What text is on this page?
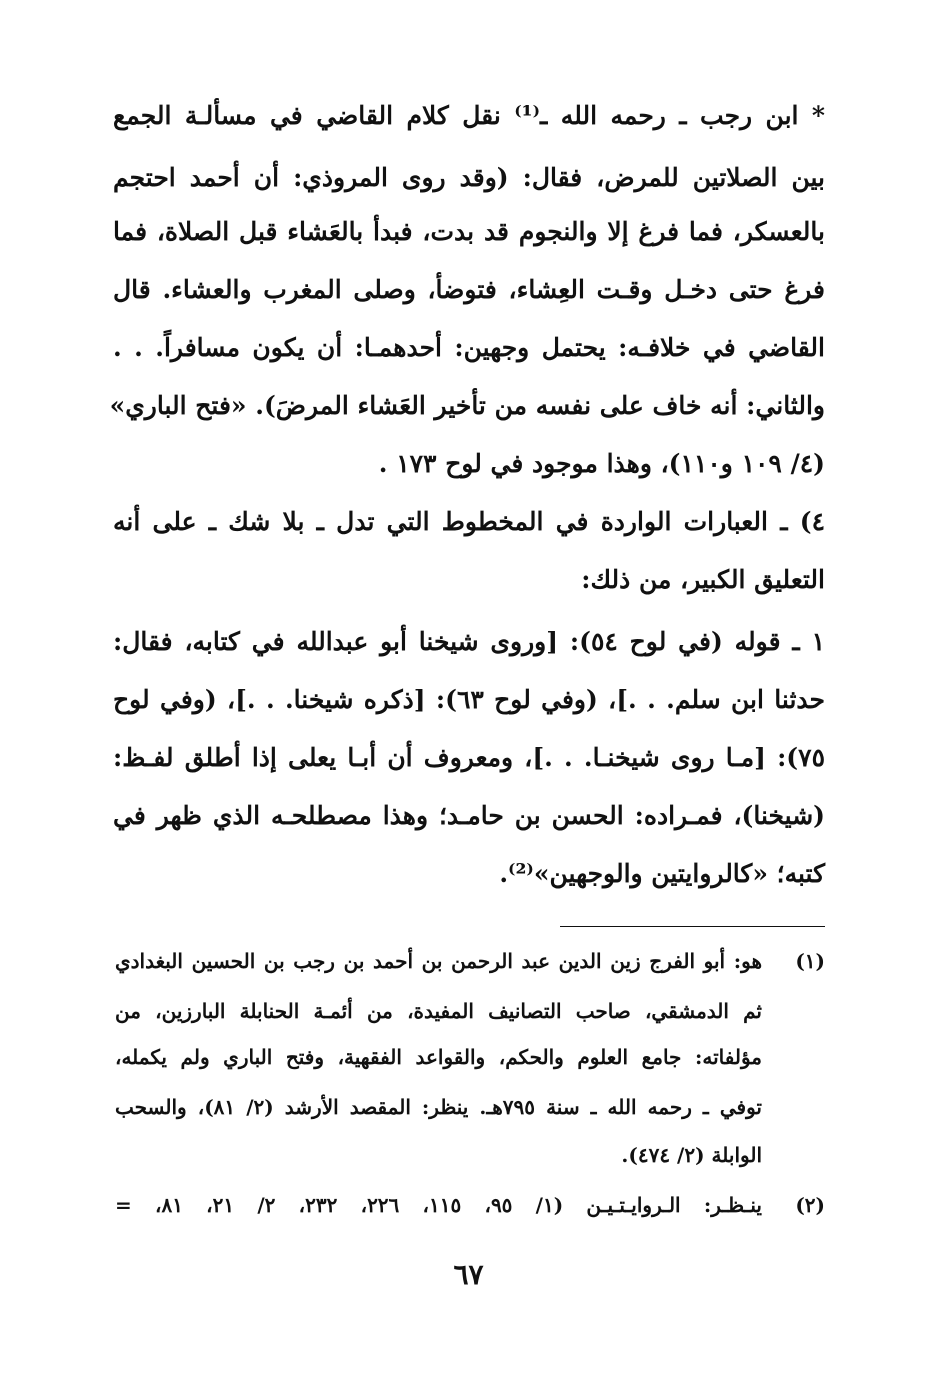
* ابن رجب ـ رحمه الله ـ⁽¹⁾ نقل كلام القاضي في مسألـة الجمع
بين الصلاتين للمرض، فقال: (وقد روى المروذي: أن أحمد احتجم
بالعسكر، فما فرغ إلا والنجوم قد بدت، فبدأ بالعَشاء قبل الصلاة، فما
فرغ حتى دخـل وقـت العِشاء، فتوضأ، وصلى المغرب والعشاء. قال
القاضي في خلافـه: يحتمل وجهين: أحدهمـا: أن يكون مسافراً. . .
والثاني: أنه خاف على نفسه من تأخير العَشاء المرضَ). «فتح الباري»
(٤/ ١٠٩ و١١٠)، وهذا موجود في لوح ١٧٣ .
٤) ـ العبارات الواردة في المخطوط التي تدل ـ بلا شك ـ على أنه
التعليق الكبير، من ذلك:
١ ـ قوله (في لوح ٥٤): [وروى شيخنا أبو عبدالله في كتابه، فقال:
حدثنا ابن سلم. . .]، (وفي لوح ٦٣): [ذكره شيخنا. . .]، (وفي لوح
٧٥): [مـا روى شيخنـا. . .]، ومعروف أن أبـا يعلى إذا أطلق لفـظ:
(شيخنا)، فمـراده: الحسن بن حامـد؛ وهذا مصطلحـه الذي ظهر في
كتبه؛ «كالروايتين والوجهين»⁽²⁾.
(١)
هو: أبو الفرج زين الدين عبد الرحمن بن أحمد بن رجب بن الحسين البغدادي
ثم الدمشقي، صاحب التصانيف المفيدة، من أئمـة الحنابلة البارزين، من
مؤلفاته: جامع العلوم والحكم، والقواعد الفقهية، وفتح الباري ولم يكمله،
توفي ـ رحمه الله ـ سنة ٧٩٥هـ. ينظر: المقصد الأرشد (٢/ ٨١)، والسحب
الوابلة (٢/ ٤٧٤).
(٢)
ينـظـر: الـروايـتـيـن (١/ ٩٥، ١١٥، ٢٢٦، ٢٣٢، ٢/ ٢١، ٨١، =
٦٧
